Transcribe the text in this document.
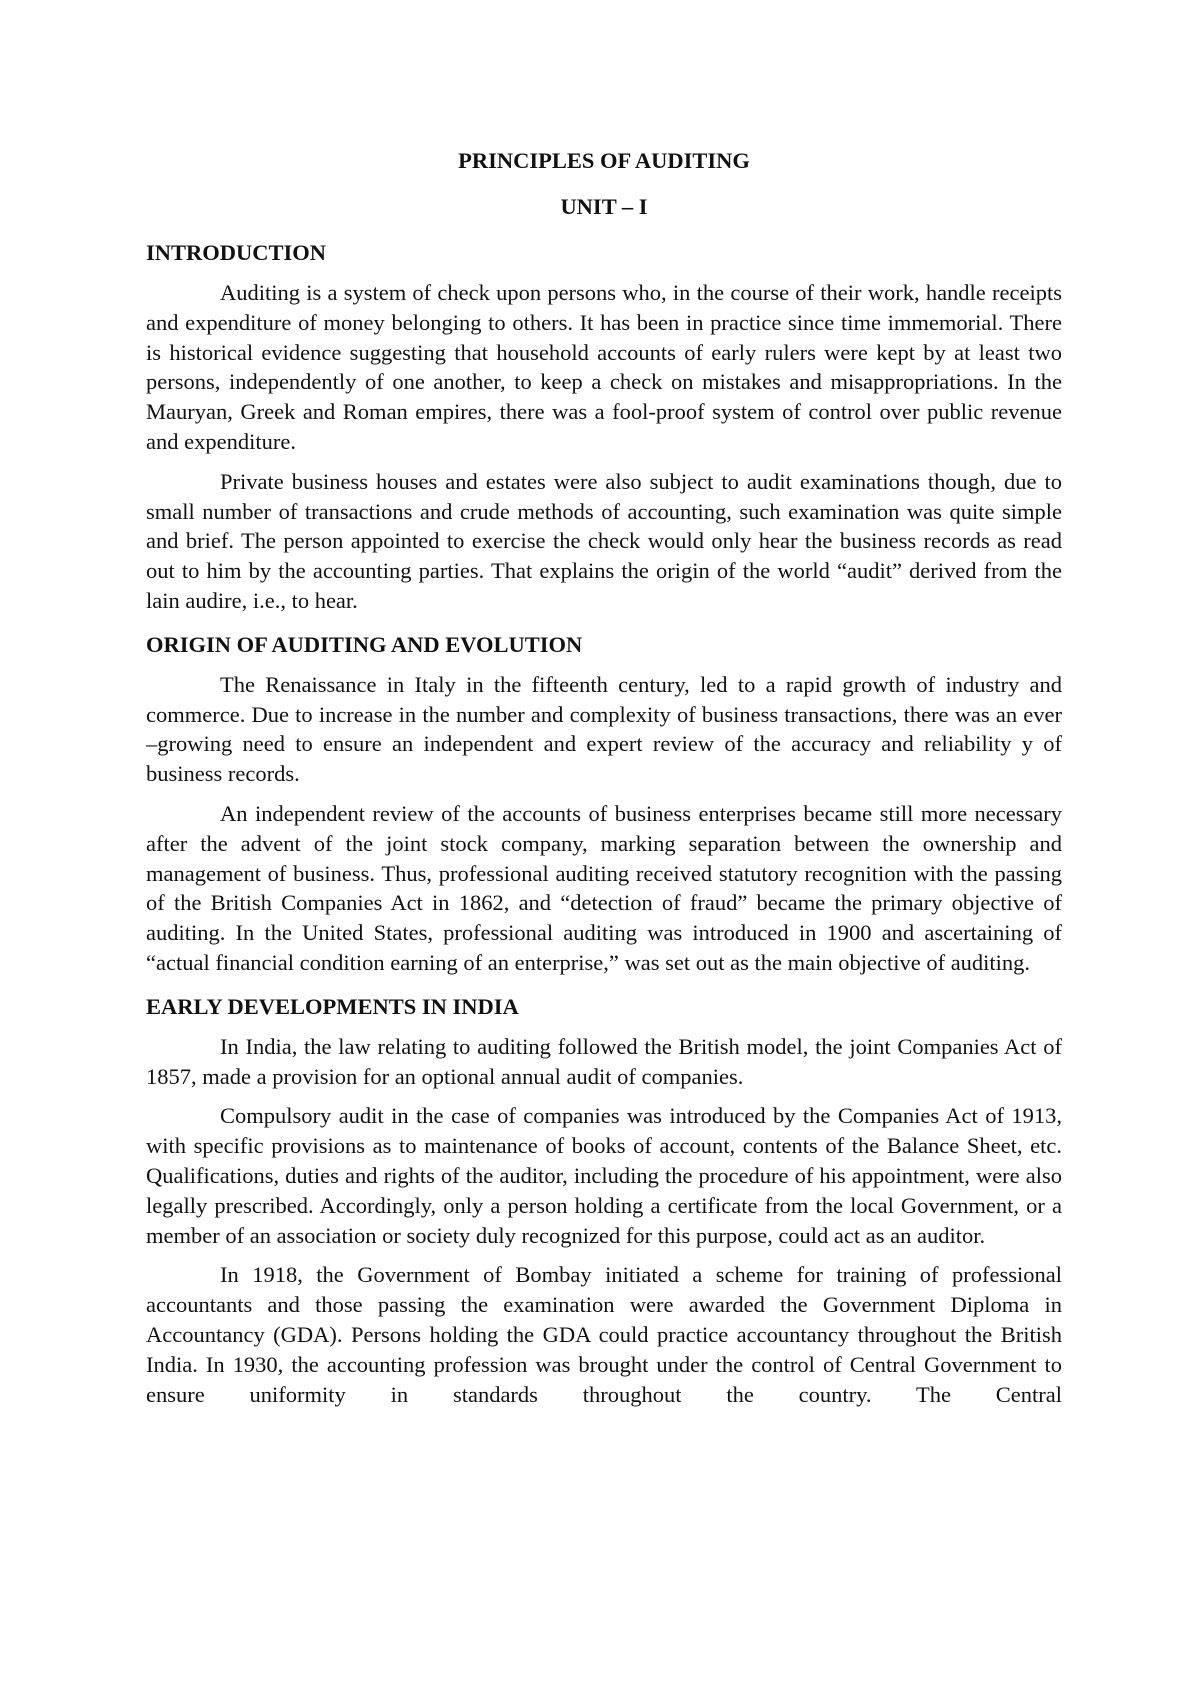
PRINCIPLES OF AUDITING
UNIT – I
INTRODUCTION

Auditing is a system of check upon persons who, in the course of their work, handle receipts and expenditure of money belonging to others. It has been in practice since time immemorial. There is historical evidence suggesting that household accounts of early rulers were kept by at least two persons, independently of one another, to keep a check on mistakes and misappropriations. In the Mauryan, Greek and Roman empires, there was a fool-proof system of control over public revenue and expenditure.

Private business houses and estates were also subject to audit examinations though, due to small number of transactions and crude methods of accounting, such examination was quite simple and brief. The person appointed to exercise the check would only hear the business records as read out to him by the accounting parties. That explains the origin of the world “audit” derived from the lain audire, i.e., to hear.

ORIGIN OF AUDITING AND EVOLUTION

The Renaissance in Italy in the fifteenth century, led to a rapid growth of industry and commerce. Due to increase in the number and complexity of business transactions, there was an ever –growing need to ensure an independent and expert review of the accuracy and reliability y of business records.

An independent review of the accounts of business enterprises became still more necessary after the advent of the joint stock company, marking separation between the ownership and management of business. Thus, professional auditing received statutory recognition with the passing of the British Companies Act in 1862, and “detection of fraud” became the primary objective of auditing. In the United States, professional auditing was introduced in 1900 and ascertaining of “actual financial condition earning of an enterprise,” was set out as the main objective of auditing.

EARLY DEVELOPMENTS IN INDIA

In India, the law relating to auditing followed the British model, the joint Companies Act of 1857, made a provision for an optional annual audit of companies.

Compulsory audit in the case of companies was introduced by the Companies Act of 1913, with specific provisions as to maintenance of books of account, contents of the Balance Sheet, etc. Qualifications, duties and rights of the auditor, including the procedure of his appointment, were also legally prescribed. Accordingly, only a person holding a certificate from the local Government, or a member of an association or society duly recognized for this purpose, could act as an auditor.

In 1918, the Government of Bombay initiated a scheme for training of professional accountants and those passing the examination were awarded the Government Diploma in Accountancy (GDA). Persons holding the GDA could practice accountancy throughout the British India. In 1930, the accounting profession was brought under the control of Central Government to ensure uniformity in standards throughout the country. The Central
